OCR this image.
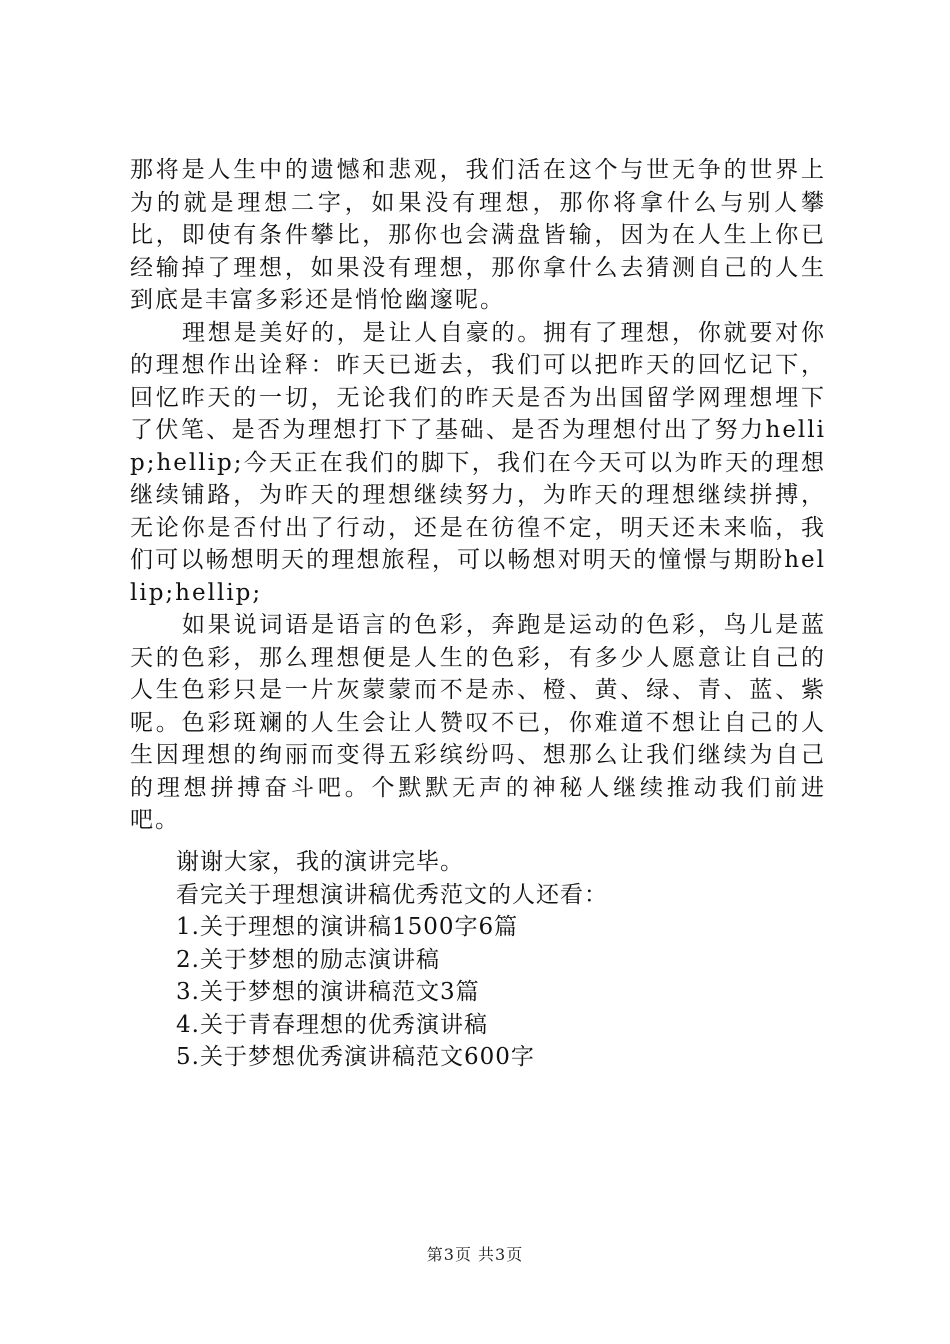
那将是人生中的遗憾和悲观，我们活在这个与世无争的世界上为的就是理想二字，如果没有理想，那你将拿什么与别人攀比，即使有条件攀比，那你也会满盘皆输，因为在人生上你已经输掉了理想，如果没有理想，那你拿什么去猜测自己的人生到底是丰富多彩还是悄怆幽邃呢。

理想是美好的，是让人自豪的。拥有了理想，你就要对你的理想作出诠释：昨天已逝去，我们可以把昨天的回忆记下，回忆昨天的一切，无论我们的昨天是否为出国留学网理想埋下了伏笔、是否为理想打下了基础、是否为理想付出了努力hellip;hellip;今天正在我们的脚下，我们在今天可以为昨天的理想继续铺路，为昨天的理想继续努力，为昨天的理想继续拼搏，无论你是否付出了行动，还是在彷徨不定，明天还未来临，我们可以畅想明天的理想旅程，可以畅想对明天的憧憬与期盼hellip;hellip;

如果说词语是语言的色彩，奔跑是运动的色彩，鸟儿是蓝天的色彩，那么理想便是人生的色彩，有多少人愿意让自己的人生色彩只是一片灰蒙蒙而不是赤、橙、黄、绿、青、蓝、紫呢。色彩斑斓的人生会让人赞叹不已，你难道不想让自己的人生因理想的绚丽而变得五彩缤纷吗、想那么让我们继续为自己的理想拼搏奋斗吧。个默默无声的神秘人继续推动我们前进吧。

谢谢大家，我的演讲完毕。

看完关于理想演讲稿优秀范文的人还看：

1.关于理想的演讲稿1500字6篇
2.关于梦想的励志演讲稿
3.关于梦想的演讲稿范文3篇
4.关于青春理想的优秀演讲稿
5.关于梦想优秀演讲稿范文600字
第3页 共3页
